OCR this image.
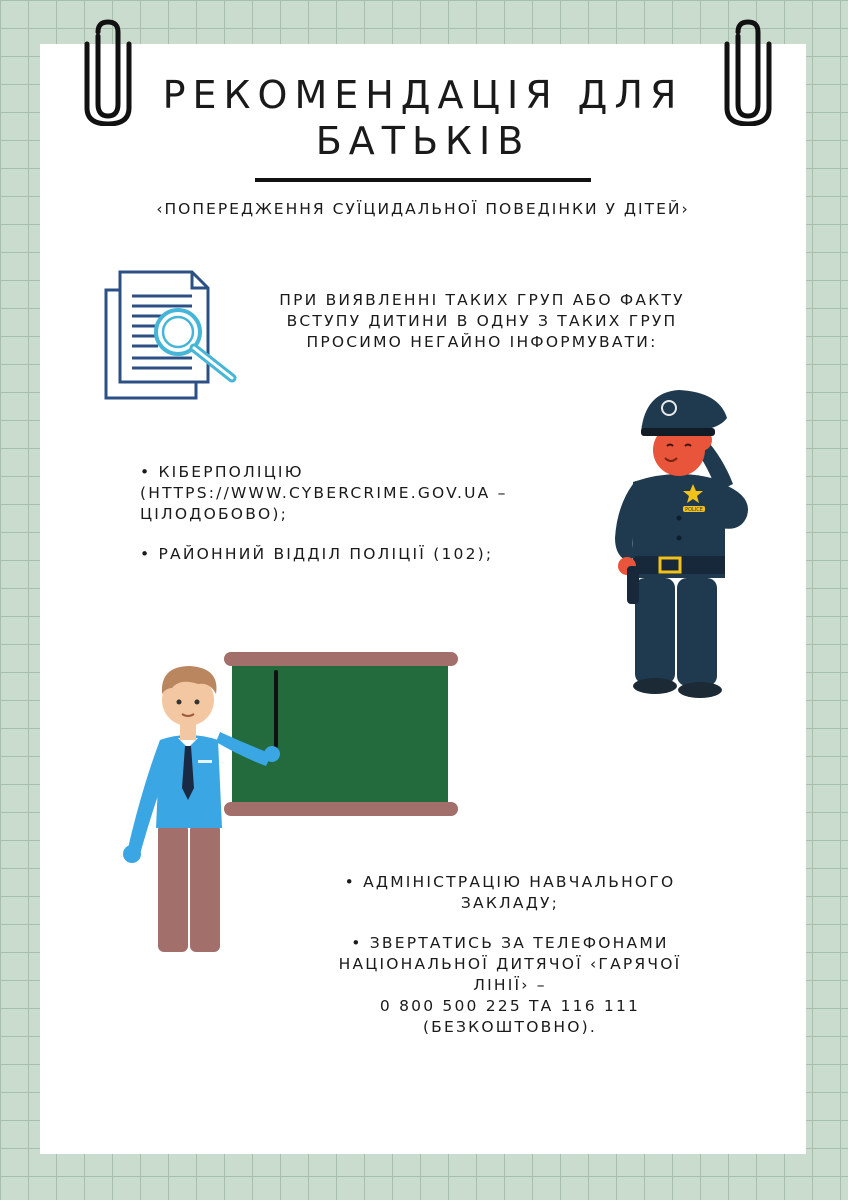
РЕКОМЕНДАЦІЯ ДЛЯ
БАТЬКІВ
‹ПОПЕРЕДЖЕННЯ СУЇЦИДАЛЬНОЇ ПОВЕДІНКИ У ДІТЕЙ›
ПРИ ВИЯВЛЕННІ ТАКИХ ГРУП АБО ФАКТУ
ВСТУПУ ДИТИНИ В ОДНУ З ТАКИХ ГРУП
ПРОСИМО НЕГАЙНО ІНФОРМУВАТИ:
• КІБЕРПОЛІЦІЮ
(HTTPS://WWW.CYBERCRIME.GOV.UA –
ЦІЛОДОБОВО);
• РАЙОННИЙ ВІДДІЛ ПОЛІЦІЇ (102);
POLICE
• АДМІНІСТРАЦІЮ НАВЧАЛЬНОГО
ЗАКЛАДУ;
• ЗВЕРТАТИСЬ ЗА ТЕЛЕФОНАМИ
НАЦІОНАЛЬНОЇ ДИТЯЧОЇ ‹ГАРЯЧОЇ
ЛІНІЇ› –
0 800 500 225 ТА 116 111
(БЕЗКОШТОВНО).
